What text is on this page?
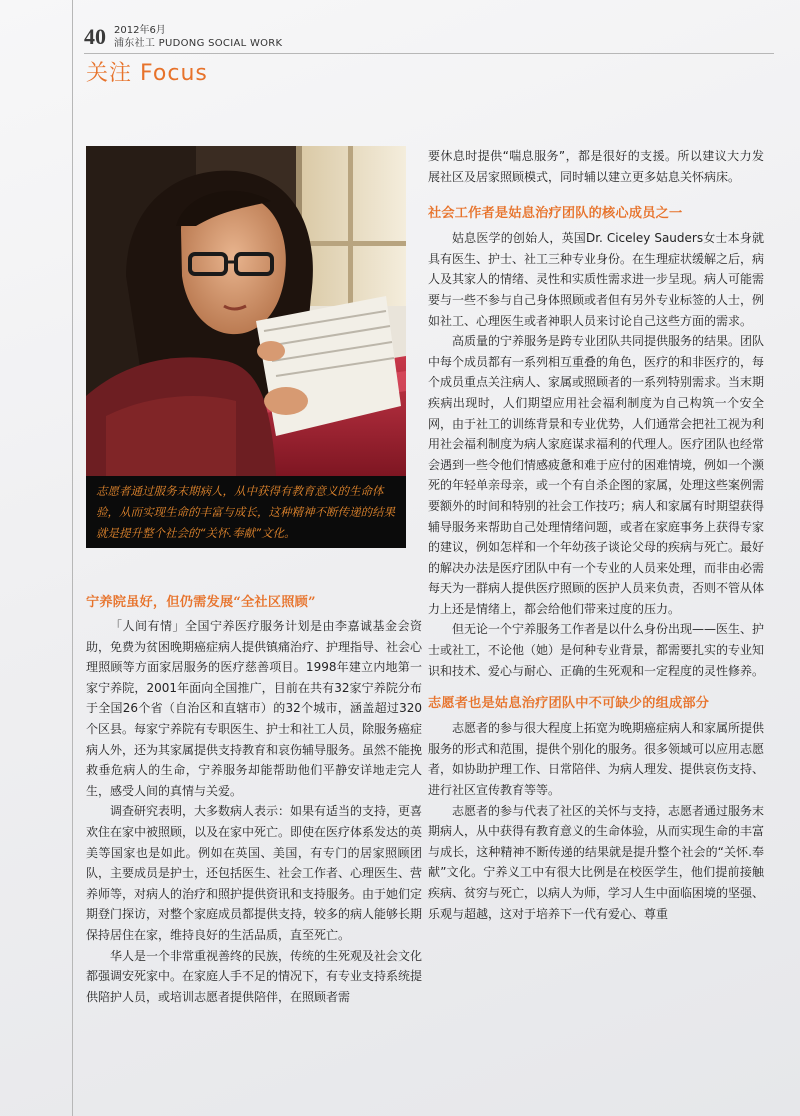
40 2012年6月
浦东社工 PUDONG SOCIAL WORK
关注 Focus

志愿者通过服务末期病人，从中获得有教育意义的生命体验，从而实现生命的丰富与成长，这种精神不断传递的结果就是提升整个社会的“关怀.奉献”文化。

宁养院虽好，但仍需发展“全社区照顾”

「人间有情」全国宁养医疗服务计划是由李嘉诚基金会资助，免费为贫困晚期癌症病人提供镇痛治疗、护理指导、社会心理照顾等方面家居服务的医疗慈善项目。1998年建立内地第一家宁养院，2001年面向全国推广，目前在共有32家宁养院分布于全国26个省（自治区和直辖市）的32个城市，涵盖超过320个区县。每家宁养院有专职医生、护士和社工人员，除服务癌症病人外，还为其家属提供支持教育和哀伤辅导服务。虽然不能挽救垂危病人的生命，宁养服务却能帮助他们平静安详地走完人生，感受人间的真情与关爱。

调查研究表明，大多数病人表示：如果有适当的支持，更喜欢住在家中被照顾，以及在家中死亡。即使在医疗体系发达的英美等国家也是如此。例如在英国、美国，有专门的居家照顾团队，主要成员是护士，还包括医生、社会工作者、心理医生、营养师等，对病人的治疗和照护提供资讯和支持服务。由于她们定期登门探访，对整个家庭成员都提供支持，较多的病人能够长期保持居住在家，维持良好的生活品质，直至死亡。

华人是一个非常重视善终的民族，传统的生死观及社会文化都强调安死家中。在家庭人手不足的情况下，有专业支持系统提供陪护人员，或培训志愿者提供陪伴，在照顾者需

要休息时提供“喘息服务”，都是很好的支援。所以建议大力发展社区及居家照顾模式，同时辅以建立更多姑息关怀病床。

社会工作者是姑息治疗团队的核心成员之一

姑息医学的创始人，英国Dr. Ciceley Sauders女士本身就具有医生、护士、社工三种专业身份。在生理症状缓解之后，病人及其家人的情绪、灵性和实质性需求进一步呈现。病人可能需要与一些不参与自己身体照顾或者但有另外专业标签的人士，例如社工、心理医生或者神职人员来讨论自己这些方面的需求。

高质量的宁养服务是跨专业团队共同提供服务的结果。团队中每个成员都有一系列相互重叠的角色，医疗的和非医疗的，每个成员重点关注病人、家属或照顾者的一系列特别需求。当末期疾病出现时，人们期望应用社会福利制度为自己构筑一个安全网，由于社工的训练背景和专业优势，人们通常会把社工视为利用社会福利制度为病人家庭谋求福利的代理人。医疗团队也经常会遇到一些令他们情感疲惫和难于应付的困难情境，例如一个濒死的年轻单亲母亲，或一个有自杀企图的家属，处理这些案例需要额外的时间和特别的社会工作技巧；病人和家属有时期望获得辅导服务来帮助自己处理情绪问题，或者在家庭事务上获得专家的建议，例如怎样和一个年幼孩子谈论父母的疾病与死亡。最好的解决办法是医疗团队中有一个专业的人员来处理，而非由必需每天为一群病人提供医疗照顾的医护人员来负责，否则不管从体力上还是情绪上，都会给他们带来过度的压力。

但无论一个宁养服务工作者是以什么身份出现——医生、护士或社工，不论他（她）是何种专业背景，都需要扎实的专业知识和技术、爱心与耐心、正确的生死观和一定程度的灵性修养。

志愿者也是姑息治疗团队中不可缺少的组成部分

志愿者的参与很大程度上拓宽为晚期癌症病人和家属所提供服务的形式和范围，提供个别化的服务。很多领域可以应用志愿者，如协助护理工作、日常陪伴、为病人理发、提供哀伤支持、进行社区宣传教育等等。

志愿者的参与代表了社区的关怀与支持，志愿者通过服务末期病人，从中获得有教育意义的生命体验，从而实现生命的丰富与成长，这种精神不断传递的结果就是提升整个社会的“关怀.奉献”文化。宁养义工中有很大比例是在校医学生，他们提前接触疾病、贫穷与死亡，以病人为师，学习人生中面临困境的坚强、乐观与超越，这对于培养下一代有爱心、尊重
